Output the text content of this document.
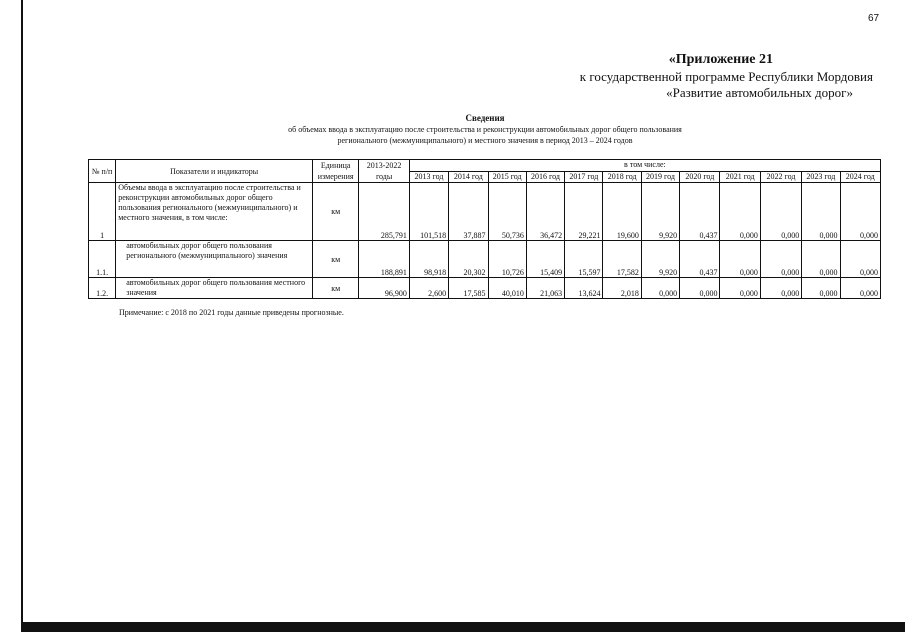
67
«Приложение 21
к государственной программе Республики Мордовия
«Развитие автомобильных дорог»
Сведения
об объемах ввода в эксплуатацию после строительства и реконструкции автомобильных дорог общего пользования
регионального (межмуниципального) и местного значения в период 2013 – 2024 годов
№ п/п	Показатели и индикаторы	Единица измерения	2013-2022 годы	в том числе:											
				2013 год	2014 год	2015 год	2016 год	2017 год	2018 год	2019 год	2020 год	2021 год	2022 год	2023 год	2024 год
1	Объемы ввода в эксплуатацию после строительства и реконструкции автомобильных дорог общего пользования регионального (межмуниципального) и местного значения, в том числе:	км	285,791	101,518	37,887	50,736	36,472	29,221	19,600	9,920	0,437	0,000	0,000	0,000	0,000
1.1.	автомобильных дорог общего пользования регионального (межмуниципального) значения	км	188,891	98,918	20,302	10,726	15,409	15,597	17,582	9,920	0,437	0,000	0,000	0,000	0,000
1.2.	автомобильных дорог общего пользования местного значения	км	96,900	2,600	17,585	40,010	21,063	13,624	2,018	0,000	0,000	0,000	0,000	0,000	0,000
Примечание: с 2018 по 2021 годы данные приведены прогнозные.
